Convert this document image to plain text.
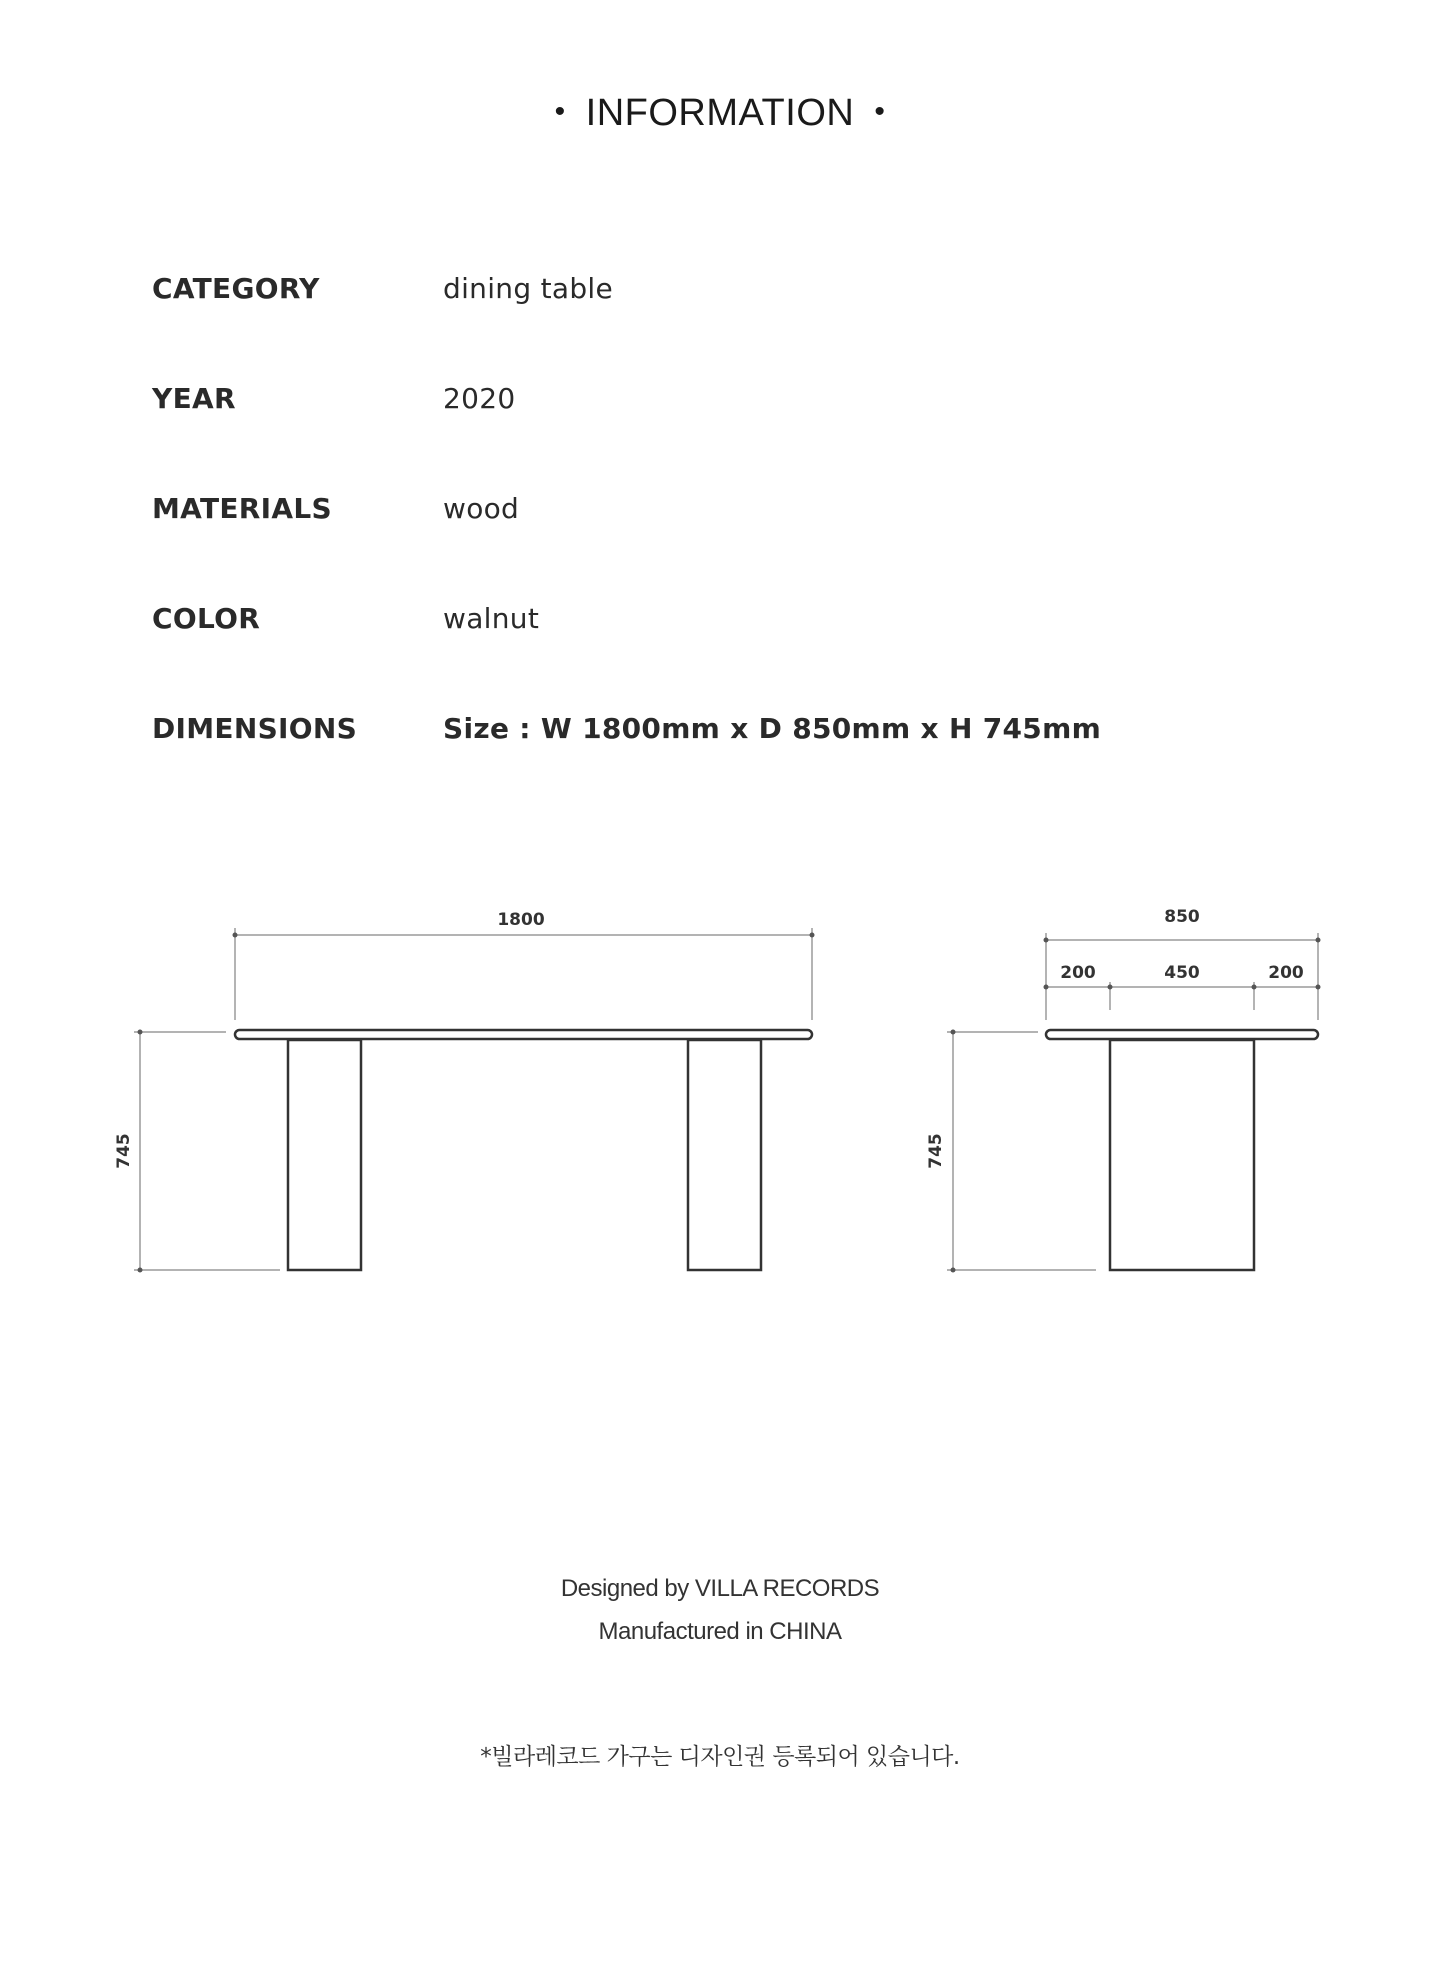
• INFORMATION •
CATEGORY	dining table
YEAR	2020
MATERIALS	wood
COLOR	walnut
DIMENSIONS	Size : W 1800mm x D 850mm x H 745mm
1800
745
850
200	450	200
745
Designed by VILLA RECORDS
Manufactured in CHINA
*빌라레코드 가구는 디자인권 등록되어 있습니다.
